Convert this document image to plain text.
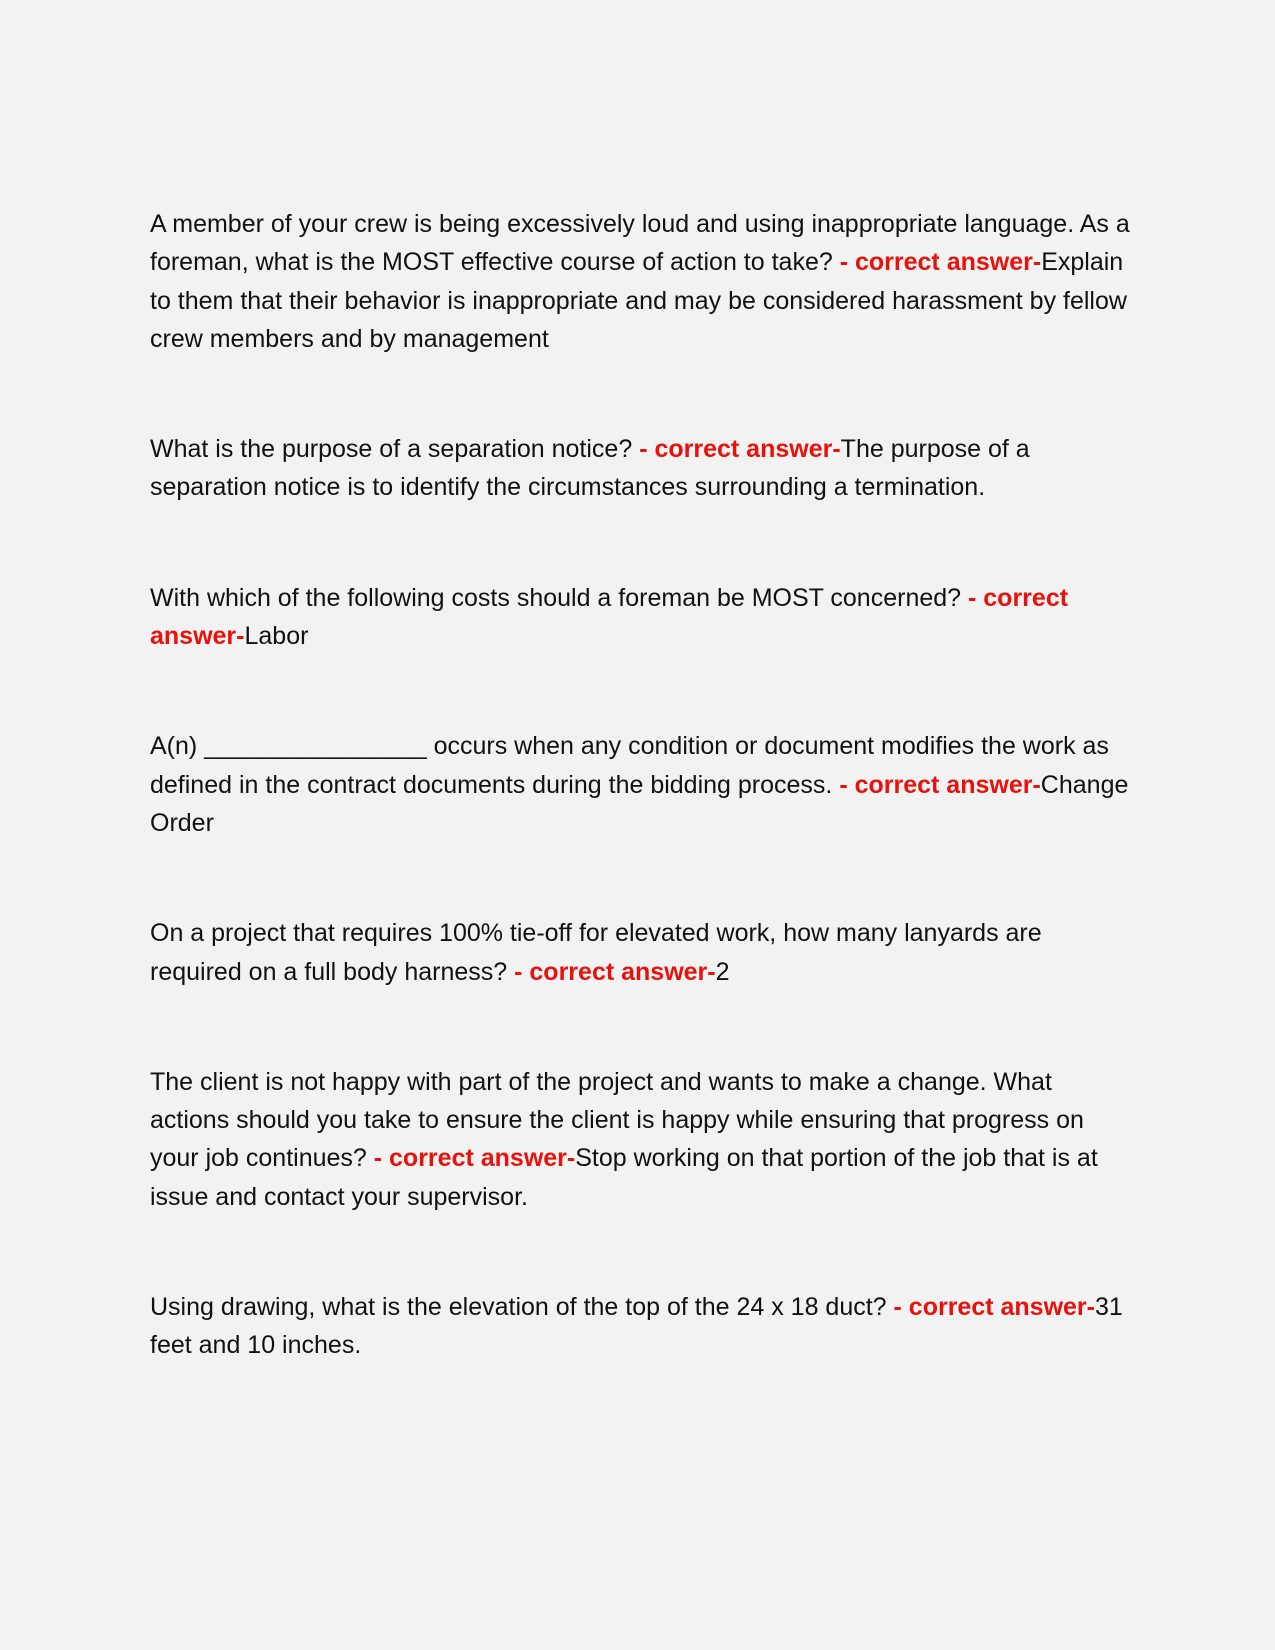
A member of your crew is being excessively loud and using inappropriate language. As a foreman, what is the MOST effective course of action to take? - correct answer-Explain to them that their behavior is inappropriate and may be considered harassment by fellow crew members and by management

What is the purpose of a separation notice? - correct answer-The purpose of a separation notice is to identify the circumstances surrounding a termination.

With which of the following costs should a foreman be MOST concerned? - correct answer-Labor

A(n) ________________ occurs when any condition or document modifies the work as defined in the contract documents during the bidding process. - correct answer-Change Order

On a project that requires 100% tie-off for elevated work, how many lanyards are required on a full body harness? - correct answer-2

The client is not happy with part of the project and wants to make a change. What actions should you take to ensure the client is happy while ensuring that progress on your job continues? - correct answer-Stop working on that portion of the job that is at issue and contact your supervisor.

Using drawing, what is the elevation of the top of the 24 x 18 duct? - correct answer-31 feet and 10 inches.
